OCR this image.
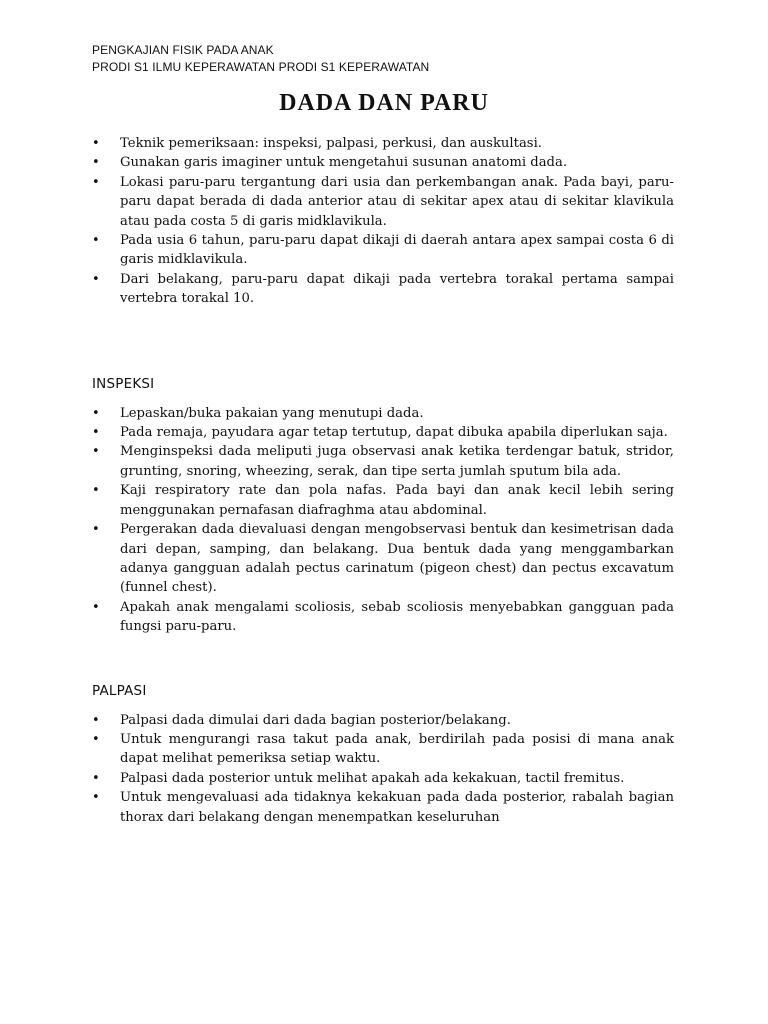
PENGKAJIAN FISIK PADA ANAK
PRODI S1 ILMU KEPERAWATAN PRODI S1 KEPERAWATAN
DADA DAN PARU
• Teknik pemeriksaan: inspeksi, palpasi, perkusi, dan auskultasi.
• Gunakan garis imaginer untuk mengetahui susunan anatomi dada.
• Lokasi paru-paru tergantung dari usia dan perkembangan anak. Pada bayi, paru-paru dapat berada di dada anterior atau di sekitar apex atau di sekitar klavikula atau pada costa 5 di garis midklavikula.
• Pada usia 6 tahun, paru-paru dapat dikaji di daerah antara apex sampai costa 6 di garis midklavikula.
• Dari belakang, paru-paru dapat dikaji pada vertebra torakal pertama sampai vertebra torakal 10.

INSPEKSI

• Lepaskan/buka pakaian yang menutupi dada.
• Pada remaja, payudara agar tetap tertutup, dapat dibuka apabila diperlukan saja.
• Menginspeksi dada meliputi juga observasi anak ketika terdengar batuk, stridor, grunting, snoring, wheezing, serak, dan tipe serta jumlah sputum bila ada.
• Kaji respiratory rate dan pola nafas. Pada bayi dan anak kecil lebih sering menggunakan pernafasan diafraghma atau abdominal.
• Pergerakan dada dievaluasi dengan mengobservasi bentuk dan kesimetrisan dada dari depan, samping, dan belakang. Dua bentuk dada yang menggambarkan adanya gangguan adalah pectus carinatum (pigeon chest) dan pectus excavatum (funnel chest).
• Apakah anak mengalami scoliosis, sebab scoliosis menyebabkan gangguan pada fungsi paru-paru.

PALPASI

• Palpasi dada dimulai dari dada bagian posterior/belakang.
• Untuk mengurangi rasa takut pada anak, berdirilah pada posisi di mana anak dapat melihat pemeriksa setiap waktu.
• Palpasi dada posterior untuk melihat apakah ada kekakuan, tactil fremitus.
• Untuk mengevaluasi ada tidaknya kekakuan pada dada posterior, rabalah bagian thorax dari belakang dengan menempatkan keseluruhan
